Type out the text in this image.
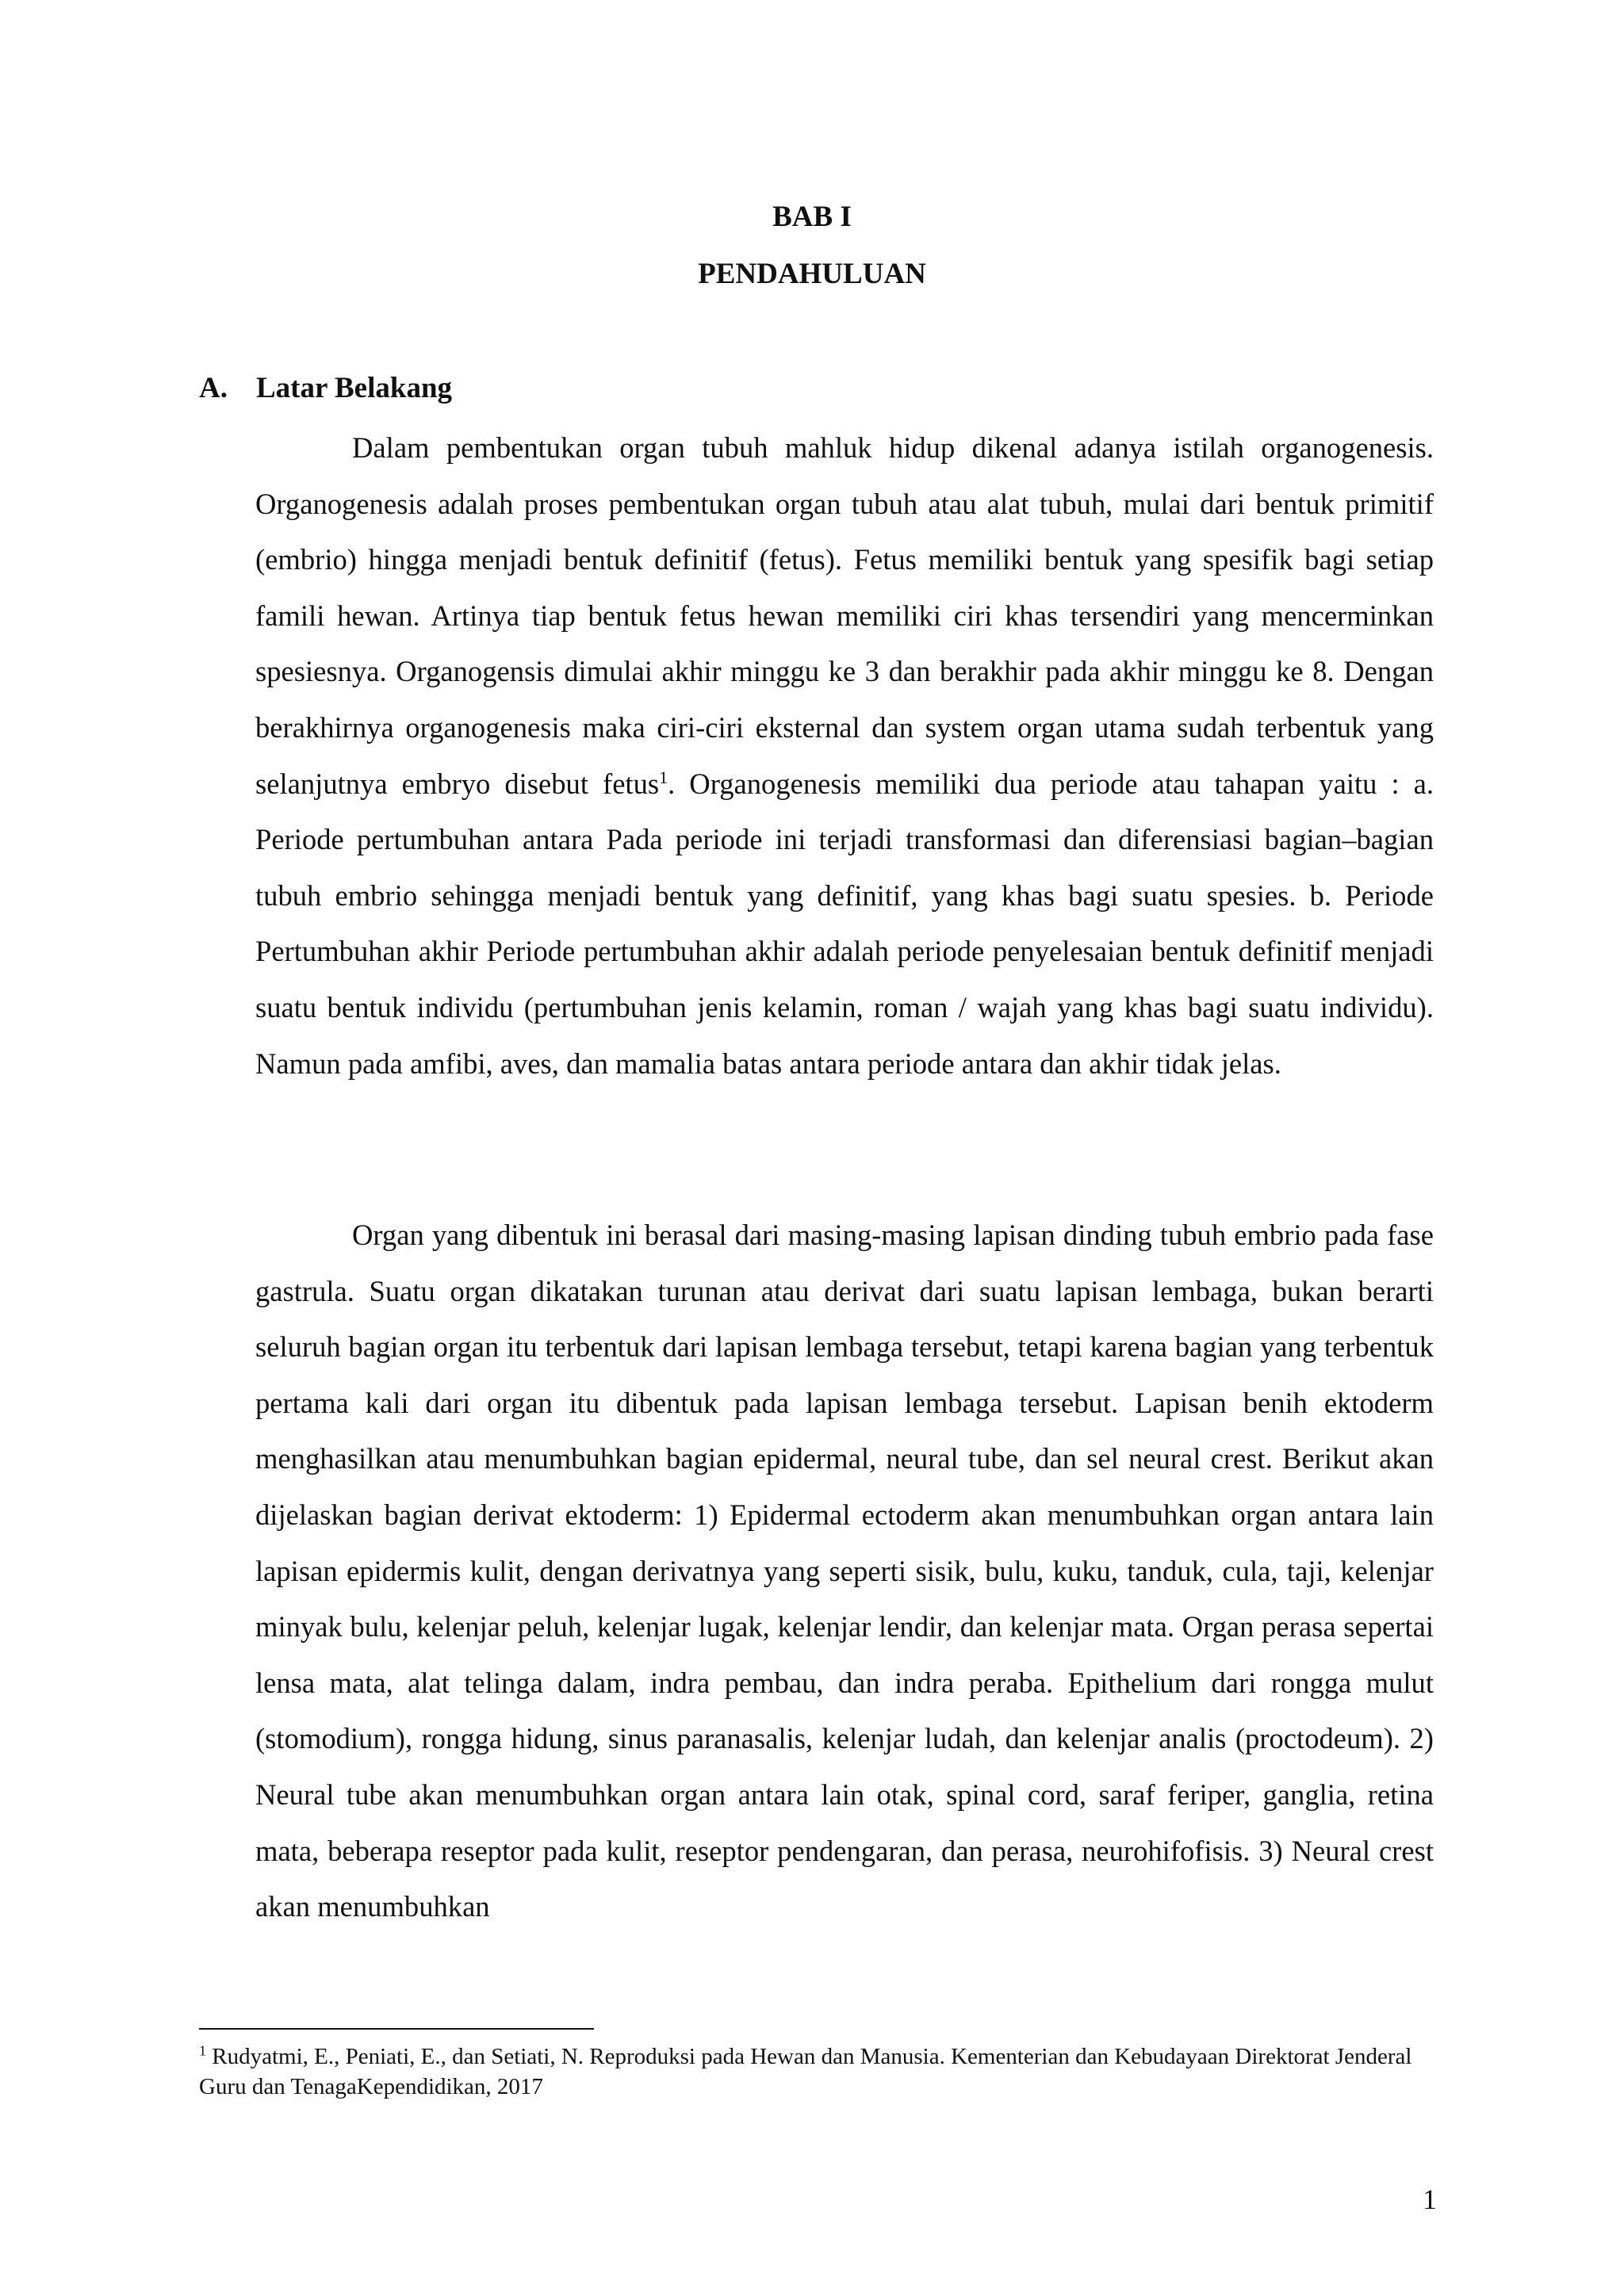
BAB I
PENDAHULUAN
A. Latar Belakang

Dalam pembentukan organ tubuh mahluk hidup dikenal adanya istilah organogenesis. Organogenesis adalah proses pembentukan organ tubuh atau alat tubuh, mulai dari bentuk primitif (embrio) hingga menjadi bentuk definitif (fetus). Fetus memiliki bentuk yang spesifik bagi setiap famili hewan. Artinya tiap bentuk fetus hewan memiliki ciri khas tersendiri yang mencerminkan spesiesnya. Organogensis dimulai akhir minggu ke 3 dan berakhir pada akhir minggu ke 8. Dengan berakhirnya organogenesis maka ciri-ciri eksternal dan system organ utama sudah terbentuk yang selanjutnya embryo disebut fetus$^1$. Organogenesis memiliki dua periode atau tahapan yaitu : a. Periode pertumbuhan antara Pada periode ini terjadi transformasi dan diferensiasi bagian–bagian tubuh embrio sehingga menjadi bentuk yang definitif, yang khas bagi suatu spesies. b. Periode Pertumbuhan akhir Periode pertumbuhan akhir adalah periode penyelesaian bentuk definitif menjadi suatu bentuk individu (pertumbuhan jenis kelamin, roman / wajah yang khas bagi suatu individu). Namun pada amfibi, aves, dan mamalia batas antara periode antara dan akhir tidak jelas.

Organ yang dibentuk ini berasal dari masing-masing lapisan dinding tubuh embrio pada fase gastrula. Suatu organ dikatakan turunan atau derivat dari suatu lapisan lembaga, bukan berarti seluruh bagian organ itu terbentuk dari lapisan lembaga tersebut, tetapi karena bagian yang terbentuk pertama kali dari organ itu dibentuk pada lapisan lembaga tersebut. Lapisan benih ektoderm menghasilkan atau menumbuhkan bagian epidermal, neural tube, dan sel neural crest. Berikut akan dijelaskan bagian derivat ektoderm: 1) Epidermal ectoderm akan menumbuhkan organ antara lain lapisan epidermis kulit, dengan derivatnya yang seperti sisik, bulu, kuku, tanduk, cula, taji, kelenjar minyak bulu, kelenjar peluh, kelenjar lugak, kelenjar lendir, dan kelenjar mata. Organ perasa sepertai lensa mata, alat telinga dalam, indra pembau, dan indra peraba. Epithelium dari rongga mulut (stomodium), rongga hidung, sinus paranasalis, kelenjar ludah, dan kelenjar analis (proctodeum). 2) Neural tube akan menumbuhkan organ antara lain otak, spinal cord, saraf feriper, ganglia, retina mata, beberapa reseptor pada kulit, reseptor pendengaran, dan perasa, neurohifofisis. 3) Neural crest akan menumbuhkan

$^1$ Rudyatmi, E., Peniati, E., dan Setiati, N. Reproduksi pada Hewan dan Manusia. Kementerian dan Kebudayaan Direktorat Jenderal Guru dan TenagaKependidikan, 2017
1
